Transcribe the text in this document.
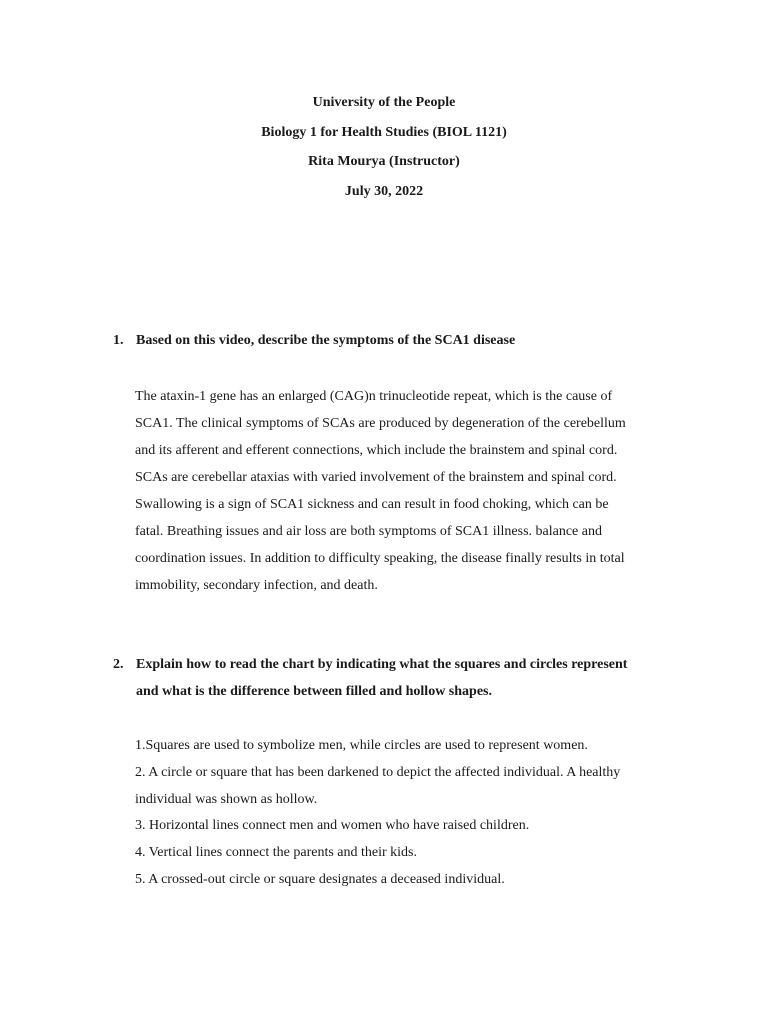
University of the People
Biology 1 for Health Studies (BIOL 1121)
Rita Mourya (Instructor)
July 30, 2022
1. Based on this video, describe the symptoms of the SCA1 disease
The ataxin-1 gene has an enlarged (CAG)n trinucleotide repeat, which is the cause of
SCA1. The clinical symptoms of SCAs are produced by degeneration of the cerebellum
and its afferent and efferent connections, which include the brainstem and spinal cord.
SCAs are cerebellar ataxias with varied involvement of the brainstem and spinal cord.
Swallowing is a sign of SCA1 sickness and can result in food choking, which can be
fatal. Breathing issues and air loss are both symptoms of SCA1 illness. balance and
coordination issues. In addition to difficulty speaking, the disease finally results in total
immobility, secondary infection, and death.
2. Explain how to read the chart by indicating what the squares and circles represent
and what is the difference between filled and hollow shapes.
1.Squares are used to symbolize men, while circles are used to represent women.
2. A circle or square that has been darkened to depict the affected individual. A healthy
individual was shown as hollow.
3. Horizontal lines connect men and women who have raised children.
4. Vertical lines connect the parents and their kids.
5. A crossed-out circle or square designates a deceased individual.
